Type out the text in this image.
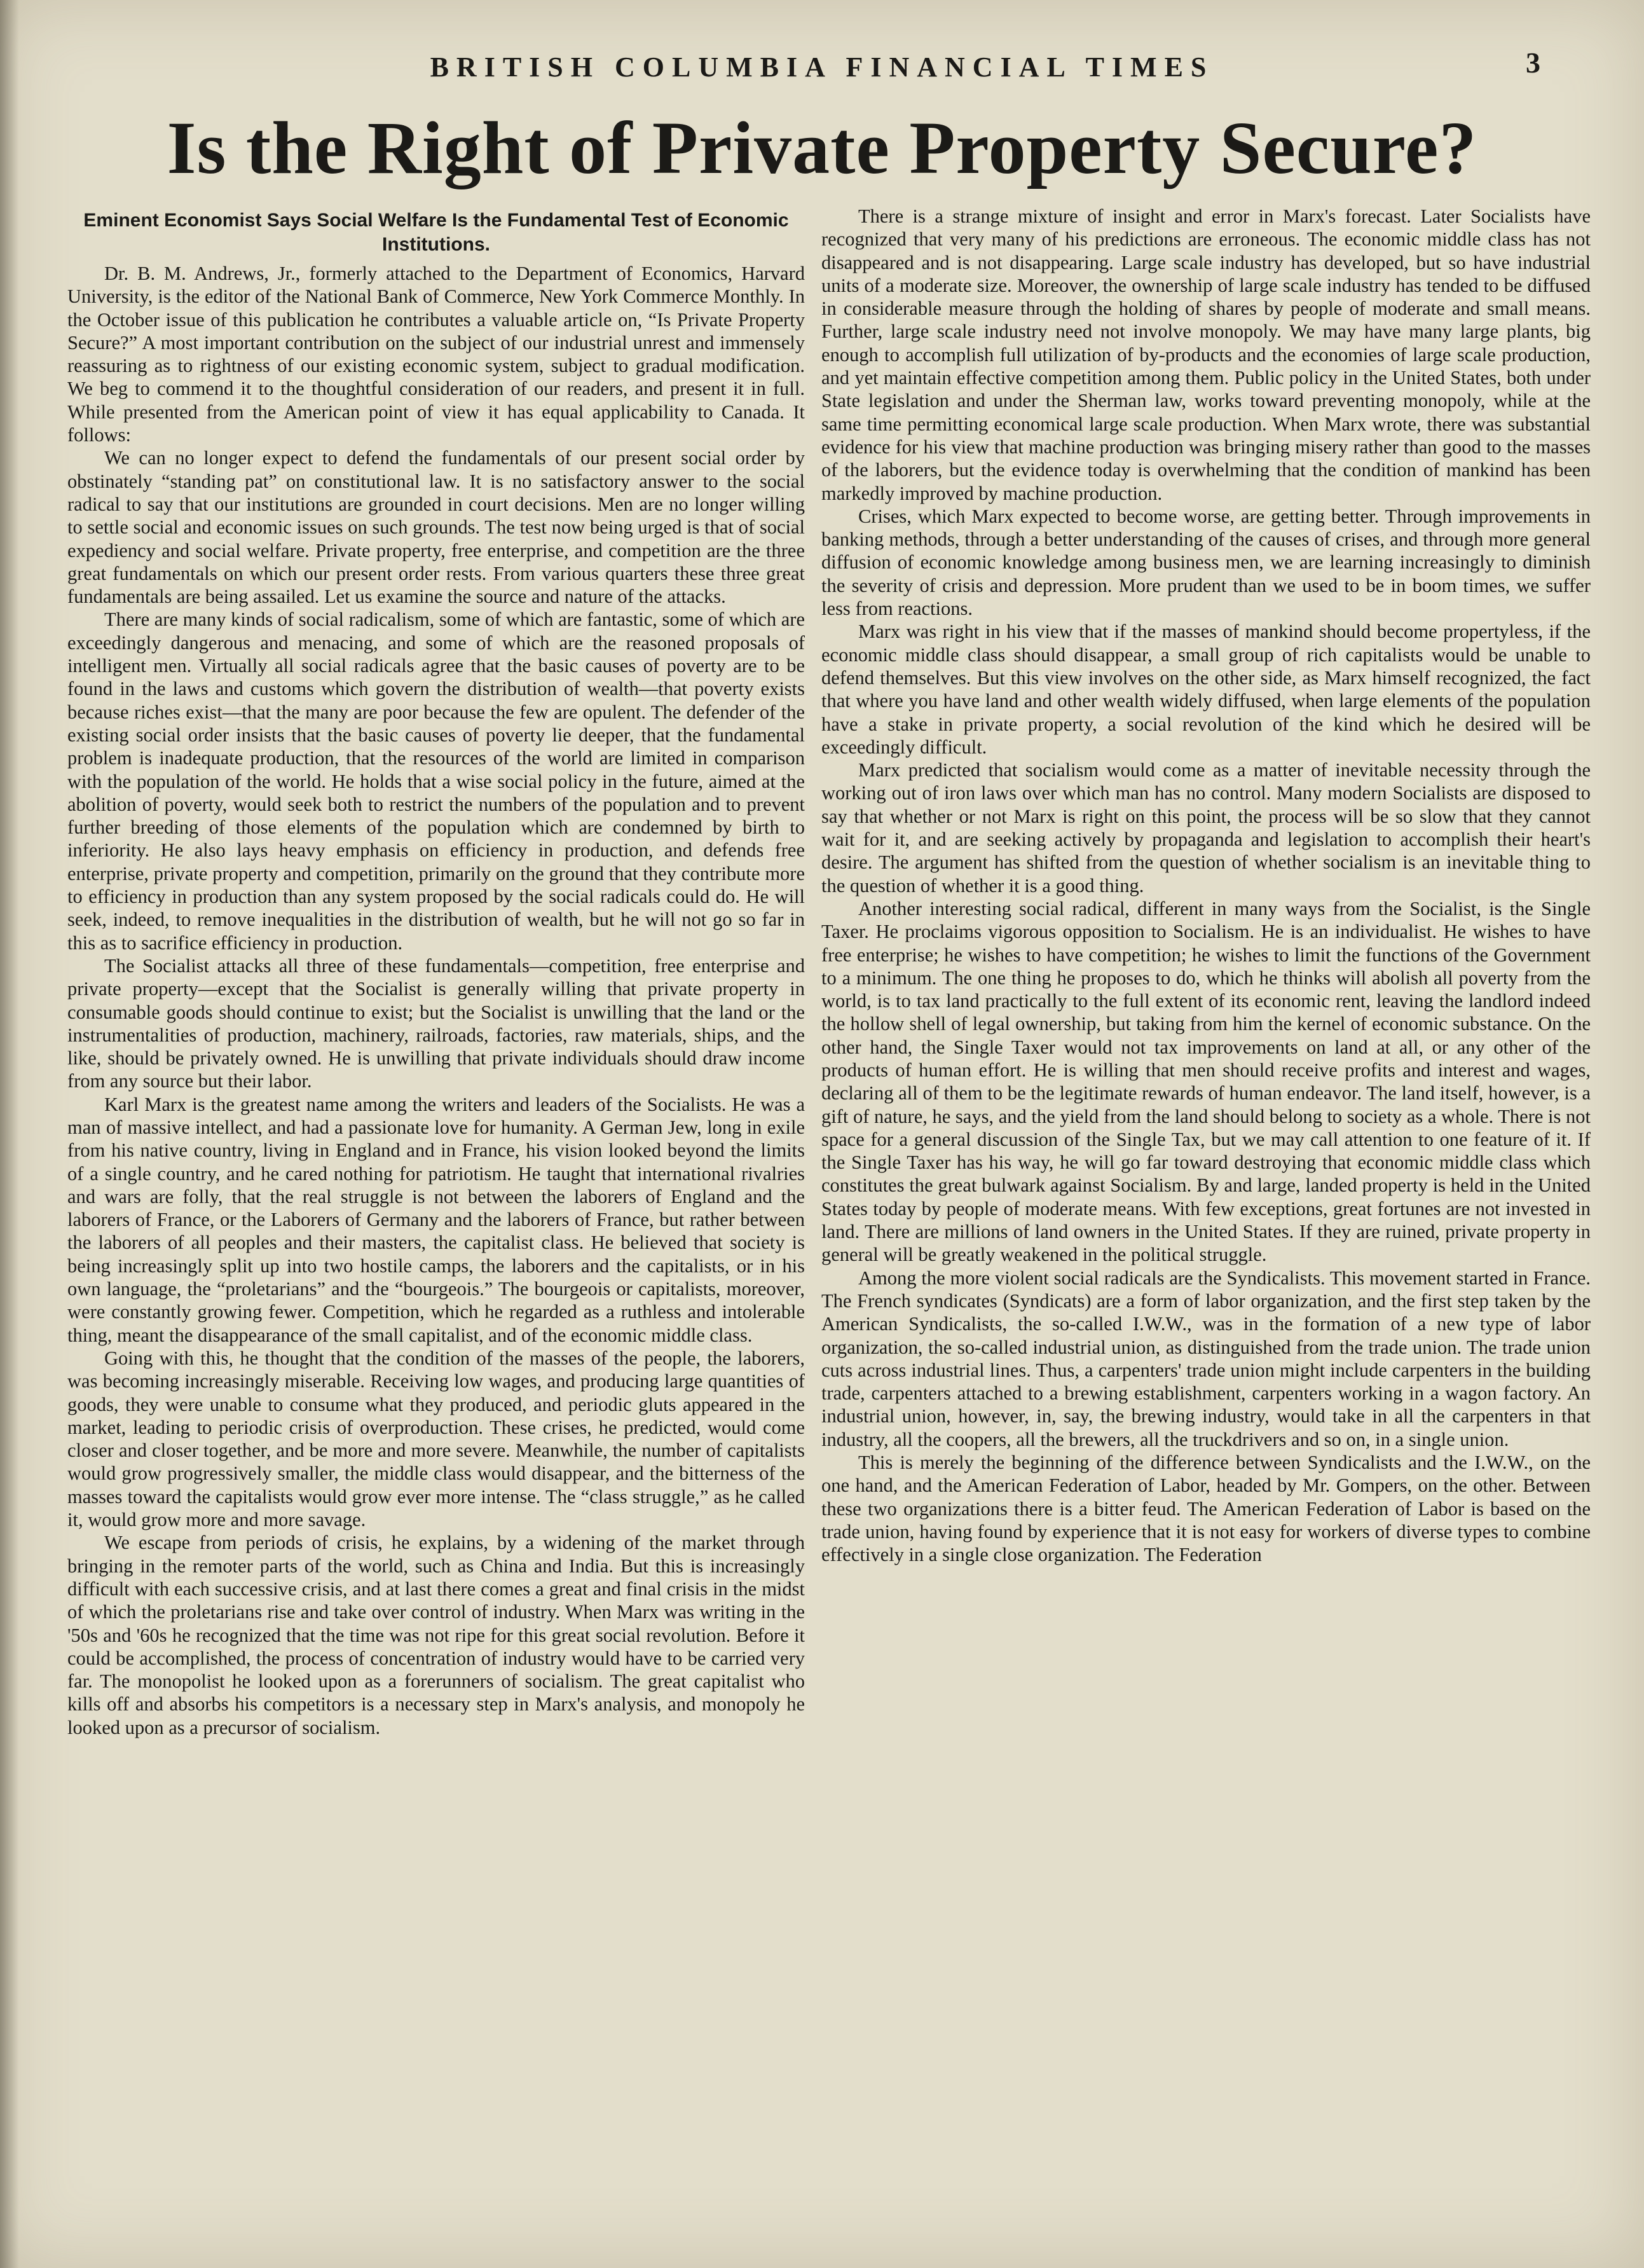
BRITISH COLUMBIA FINANCIAL TIMES	3
Is the Right of Private Property Secure?
Eminent Economist Says Social Welfare Is the Fundamental Test of Economic Institutions.

Dr. B. M. Andrews, Jr., formerly attached to the Department of Economics, Harvard University, is the editor of the National Bank of Commerce, New York Commerce Monthly. In the October issue of this publication he contributes a valuable article on, “Is Private Property Secure?” A most important contribution on the subject of our industrial unrest and immensely reassuring as to rightness of our existing economic system, subject to gradual modification. We beg to commend it to the thoughtful consideration of our readers, and present it in full. While presented from the American point of view it has equal applicability to Canada. It follows:

We can no longer expect to defend the fundamentals of our present social order by obstinately “standing pat” on constitutional law. It is no satisfactory answer to the social radical to say that our institutions are grounded in court decisions. Men are no longer willing to settle social and economic issues on such grounds. The test now being urged is that of social expediency and social welfare. Private property, free enterprise, and competition are the three great fundamentals on which our present order rests. From various quarters these three great fundamentals are being assailed. Let us examine the source and nature of the attacks.

There are many kinds of social radicalism, some of which are fantastic, some of which are exceedingly dangerous and menacing, and some of which are the reasoned proposals of intelligent men. Virtually all social radicals agree that the basic causes of poverty are to be found in the laws and customs which govern the distribution of wealth—that poverty exists because riches exist—that the many are poor because the few are opulent. The defender of the existing social order insists that the basic causes of poverty lie deeper, that the fundamental problem is inadequate production, that the resources of the world are limited in comparison with the population of the world. He holds that a wise social policy in the future, aimed at the abolition of poverty, would seek both to restrict the numbers of the population and to prevent further breeding of those elements of the population which are condemned by birth to inferiority. He also lays heavy emphasis on efficiency in production, and defends free enterprise, private property and competition, primarily on the ground that they contribute more to efficiency in production than any system proposed by the social radicals could do. He will seek, indeed, to remove inequalities in the distribution of wealth, but he will not go so far in this as to sacrifice efficiency in production.

The Socialist attacks all three of these fundamentals—competition, free enterprise and private property—except that the Socialist is generally willing that private property in consumable goods should continue to exist; but the Socialist is unwilling that the land or the instrumentalities of production, machinery, railroads, factories, raw materials, ships, and the like, should be privately owned. He is unwilling that private individuals should draw income from any source but their labor.

Karl Marx is the greatest name among the writers and leaders of the Socialists. He was a man of massive intellect, and had a passionate love for humanity. A German Jew, long in exile from his native country, living in England and in France, his vision looked beyond the limits of a single country, and he cared nothing for patriotism. He taught that international rivalries and wars are folly, that the real struggle is not between the laborers of England and the laborers of France, or the Laborers of Germany and the laborers of France, but rather between the laborers of all peoples and their masters, the capitalist class. He believed that society is being increasingly split up into two hostile camps, the laborers and the capitalists, or in his own language, the “proletarians” and the “bourgeois.” The bourgeois or capitalists, moreover, were constantly growing fewer. Competition, which he regarded as a ruthless and intolerable thing, meant the disappearance of the small capitalist, and of the economic middle class.

Going with this, he thought that the condition of the masses of the people, the laborers, was becoming increasingly miserable. Receiving low wages, and producing large quantities of goods, they were unable to consume what they produced, and periodic gluts appeared in the market, leading to periodic crisis of overproduction. These crises, he predicted, would come closer and closer together, and be more and more severe. Meanwhile, the number of capitalists would grow progressively smaller, the middle class would disappear, and the bitterness of the masses toward the capitalists would grow ever more intense. The “class struggle,” as he called it, would grow more and more savage.

We escape from periods of crisis, he explains, by a widening of the market through bringing in the remoter parts of the world, such as China and India. But this is increasingly difficult with each successive crisis, and at last there comes a great and final crisis in the midst of which the proletarians rise and take over control of industry. When Marx was writing in the '50s and '60s he recognized that the time was not ripe for this great social revolution. Before it could be accomplished, the process of concentration of industry would have to be carried very far. The monopolist he looked upon as a forerunners of socialism. The great capitalist who kills off and absorbs his competitors is a necessary step in Marx's analysis, and monopoly he looked upon as a precursor of socialism.

There is a strange mixture of insight and error in Marx's forecast. Later Socialists have recognized that very many of his predictions are erroneous. The economic middle class has not disappeared and is not disappearing. Large scale industry has developed, but so have industrial units of a moderate size. Moreover, the ownership of large scale industry has tended to be diffused in considerable measure through the holding of shares by people of moderate and small means. Further, large scale industry need not involve monopoly. We may have many large plants, big enough to accomplish full utilization of by-products and the economies of large scale production, and yet maintain effective competition among them. Public policy in the United States, both under State legislation and under the Sherman law, works toward preventing monopoly, while at the same time permitting economical large scale production. When Marx wrote, there was substantial evidence for his view that machine production was bringing misery rather than good to the masses of the laborers, but the evidence today is overwhelming that the condition of mankind has been markedly improved by machine production.

Crises, which Marx expected to become worse, are getting better. Through improvements in banking methods, through a better understanding of the causes of crises, and through more general diffusion of economic knowledge among business men, we are learning increasingly to diminish the severity of crisis and depression. More prudent than we used to be in boom times, we suffer less from reactions.

Marx was right in his view that if the masses of mankind should become propertyless, if the economic middle class should disappear, a small group of rich capitalists would be unable to defend themselves. But this view involves on the other side, as Marx himself recognized, the fact that where you have land and other wealth widely diffused, when large elements of the population have a stake in private property, a social revolution of the kind which he desired will be exceedingly difficult.

Marx predicted that socialism would come as a matter of inevitable necessity through the working out of iron laws over which man has no control. Many modern Socialists are disposed to say that whether or not Marx is right on this point, the process will be so slow that they cannot wait for it, and are seeking actively by propaganda and legislation to accomplish their heart's desire. The argument has shifted from the question of whether socialism is an inevitable thing to the question of whether it is a good thing.

Another interesting social radical, different in many ways from the Socialist, is the Single Taxer. He proclaims vigorous opposition to Socialism. He is an individualist. He wishes to have free enterprise; he wishes to have competition; he wishes to limit the functions of the Government to a minimum. The one thing he proposes to do, which he thinks will abolish all poverty from the world, is to tax land practically to the full extent of its economic rent, leaving the landlord indeed the hollow shell of legal ownership, but taking from him the kernel of economic substance. On the other hand, the Single Taxer would not tax improvements on land at all, or any other of the products of human effort. He is willing that men should receive profits and interest and wages, declaring all of them to be the legitimate rewards of human endeavor. The land itself, however, is a gift of nature, he says, and the yield from the land should belong to society as a whole. There is not space for a general discussion of the Single Tax, but we may call attention to one feature of it. If the Single Taxer has his way, he will go far toward destroying that economic middle class which constitutes the great bulwark against Socialism. By and large, landed property is held in the United States today by people of moderate means. With few exceptions, great fortunes are not invested in land. There are millions of land owners in the United States. If they are ruined, private property in general will be greatly weakened in the political struggle.

Among the more violent social radicals are the Syndicalists. This movement started in France. The French syndicates (Syndicats) are a form of labor organization, and the first step taken by the American Syndicalists, the so-called I.W.W., was in the formation of a new type of labor organization, the so-called industrial union, as distinguished from the trade union. The trade union cuts across industrial lines. Thus, a carpenters' trade union might include carpenters in the building trade, carpenters attached to a brewing establishment, carpenters working in a wagon factory. An industrial union, however, in, say, the brewing industry, would take in all the carpenters in that industry, all the coopers, all the brewers, all the truckdrivers and so on, in a single union.

This is merely the beginning of the difference between Syndicalists and the I.W.W., on the one hand, and the American Federation of Labor, headed by Mr. Gompers, on the other. Between these two organizations there is a bitter feud. The American Federation of Labor is based on the trade union, having found by experience that it is not easy for workers of diverse types to combine effectively in a single close organization. The Federation
